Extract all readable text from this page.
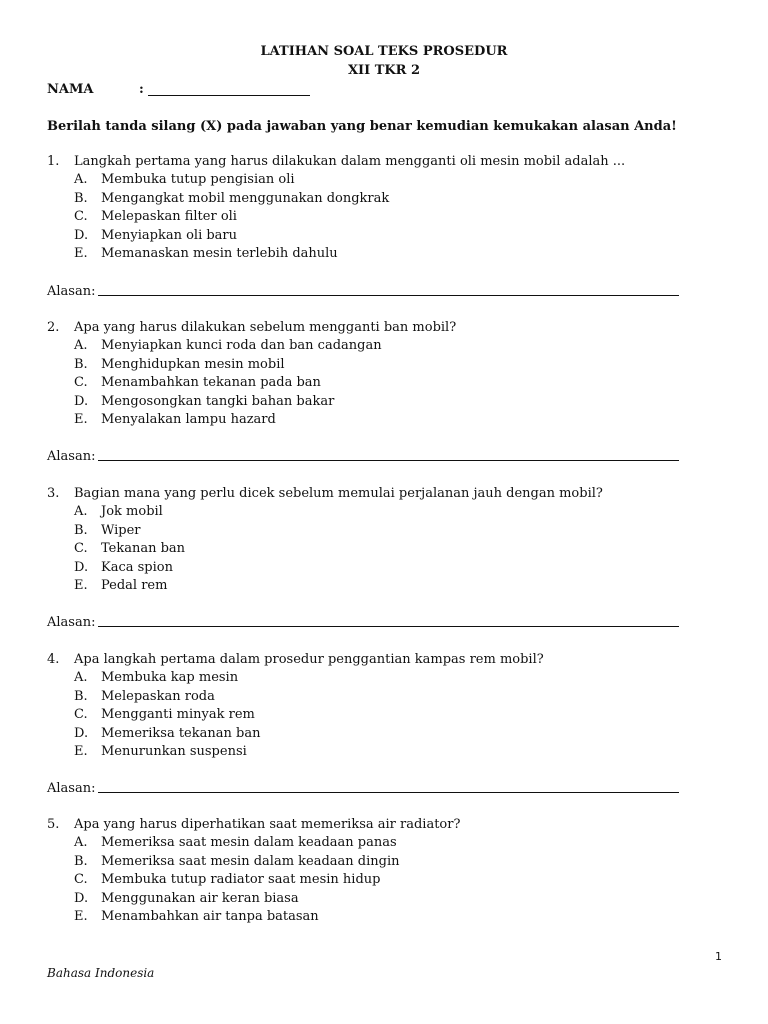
LATIHAN SOAL TEKS PROSEDUR
XII TKR 2
NAMA	:
Berilah tanda silang (X) pada jawaban yang benar kemudian kemukakan alasan Anda!
1. Langkah pertama yang harus dilakukan dalam mengganti oli mesin mobil adalah ...
A. Membuka tutup pengisian oli
B. Mengangkat mobil menggunakan dongkrak
C. Melepaskan filter oli
D. Menyiapkan oli baru
E. Memanaskan mesin terlebih dahulu
Alasan:
2. Apa yang harus dilakukan sebelum mengganti ban mobil?
A. Menyiapkan kunci roda dan ban cadangan
B. Menghidupkan mesin mobil
C. Menambahkan tekanan pada ban
D. Mengosongkan tangki bahan bakar
E. Menyalakan lampu hazard
Alasan:
3. Bagian mana yang perlu dicek sebelum memulai perjalanan jauh dengan mobil?
A. Jok mobil
B. Wiper
C. Tekanan ban
D. Kaca spion
E. Pedal rem
Alasan:
4. Apa langkah pertama dalam prosedur penggantian kampas rem mobil?
A. Membuka kap mesin
B. Melepaskan roda
C. Mengganti minyak rem
D. Memeriksa tekanan ban
E. Menurunkan suspensi
Alasan:
5. Apa yang harus diperhatikan saat memeriksa air radiator?
A. Memeriksa saat mesin dalam keadaan panas
B. Memeriksa saat mesin dalam keadaan dingin
C. Membuka tutup radiator saat mesin hidup
D. Menggunakan air keran biasa
E. Menambahkan air tanpa batasan
1
Bahasa Indonesia
